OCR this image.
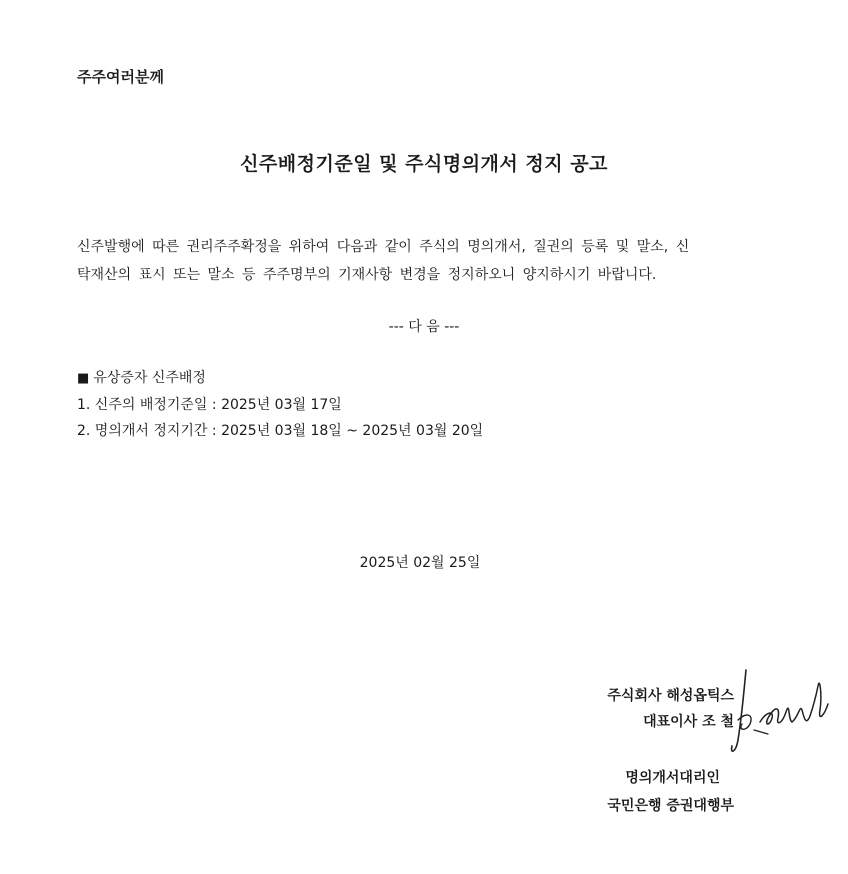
주주여러분께

신주배정기준일 및 주식명의개서 정지 공고
신주발행에 따른 권리주주확정을 위하여 다음과 같이 주식의 명의개서, 질권의 등록 및 말소, 신
탁재산의 표시 또는 말소 등 주주명부의 기재사항 변경을 정지하오니 양지하시기 바랍니다.

--- 다 음 ---

■ 유상증자 신주배정
1. 신주의 배정기준일 : 2025년 03월 17일
2. 명의개서 정지기간 : 2025년 03월 18일 ~ 2025년 03월 20일

2025년 02월 25일

주식회사 해성옵틱스
대표이사 조 철
명의개서대리인
국민은행 증권대행부
